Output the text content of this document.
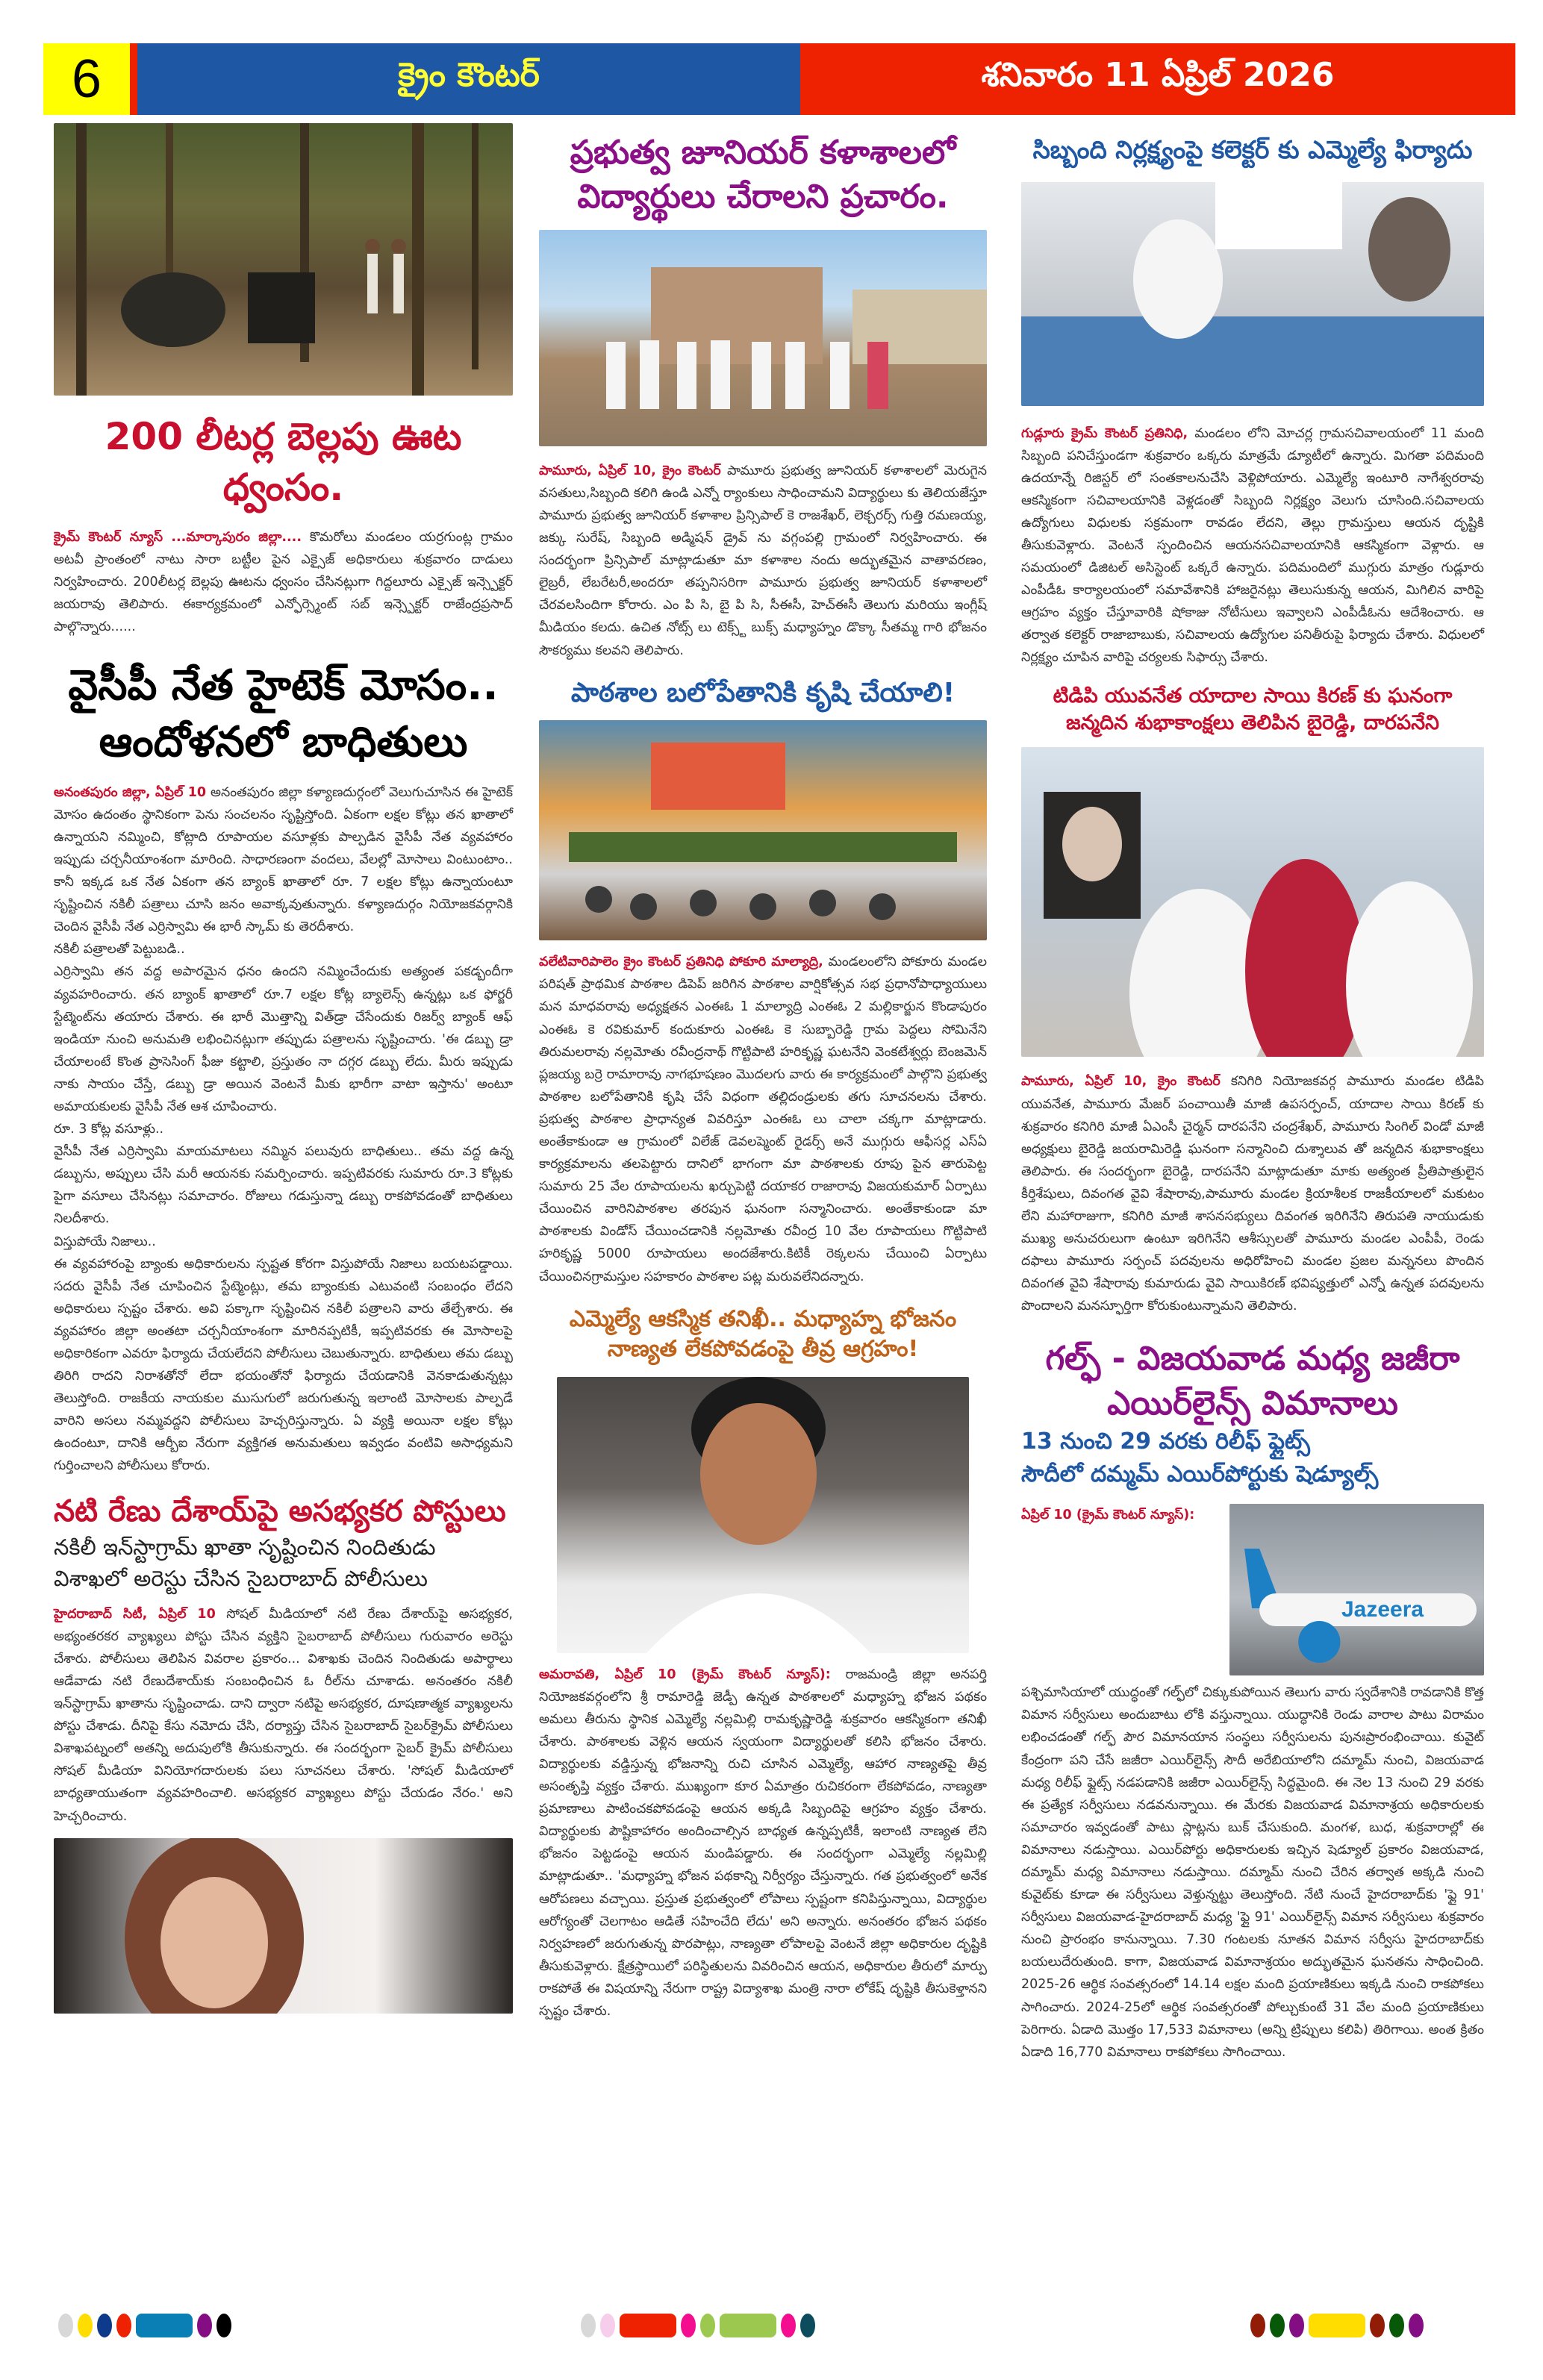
6	క్రైం కౌంటర్	శనివారం 11 ఏప్రిల్ 2026
200 లీటర్ల బెల్లపు ఊట ధ్వంసం.

క్రైమ్ కౌంటర్ న్యూస్ ...మార్కాపురం జిల్లా.... కొమరోలు మండలం యర్రగుంట్ల గ్రామం అటవీ ప్రాంతంలో నాటు సారా బట్టీల పైన ఎక్సైజ్ అధికారులు శుక్రవారం దాడులు నిర్వహించారు. 200లీటర్ల బెల్లపు ఊటను ధ్వంసం చేసినట్లుగా గిద్దలూరు ఎక్సైజ్ ఇన్స్పెక్టర్ జయరావు తెలిపారు. ఈకార్యక్రమంలో ఎన్ఫోర్స్మెంట్ సబ్ ఇన్స్పెక్టర్ రాజేంద్రప్రసాద్ పాల్గొన్నారు......

వైసీపీ నేత హైటెక్ మోసం..
ఆందోళనలో బాధితులు

అనంతపురం జిల్లా, ఏప్రిల్ 10 అనంతపురం జిల్లా కళ్యాణదుర్గంలో వెలుగుచూసిన ఈ హైటెక్ మోసం ఉదంతం స్థానికంగా పెను సంచలనం సృష్టిస్తోంది. ఏకంగా లక్షల కోట్లు తన ఖాతాలో ఉన్నాయని నమ్మించి, కోట్లాది రూపాయల వసూళ్లకు పాల్పడిన వైసీపీ నేత వ్యవహారం ఇప్పుడు చర్చనీయాంశంగా మారింది. సాధారణంగా వందలు, వేలల్లో మోసాలు వింటుంటాం.. కానీ ఇక్కడ ఒక నేత ఏకంగా తన బ్యాంక్ ఖాతాలో రూ. 7 లక్షల కోట్లు ఉన్నాయంటూ సృష్టించిన నకిలీ పత్రాలు చూసి జనం అవాక్కవుతున్నారు. కళ్యాణదుర్గం నియోజకవర్గానికి చెందిన వైసీపీ నేత ఎర్రిస్వామి ఈ భారీ స్కామ్ కు తెరదీశారు.

నకిలీ పత్రాలతో పెట్టుబడి..

ఎర్రిస్వామి తన వద్ద అపారమైన ధనం ఉందని నమ్మించేందుకు అత్యంత పకడ్బందీగా వ్యవహరించారు. తన బ్యాంక్ ఖాతాలో రూ.7 లక్షల కోట్ల బ్యాలెన్స్ ఉన్నట్లు ఒక ఫోర్జరీ స్టేట్మెంట్‌ను తయారు చేశారు. ఈ భారీ మొత్తాన్ని విత్‌డ్రా చేసేందుకు రిజర్వ్ బ్యాంక్ ఆఫ్ ఇండియా నుంచి అనుమతి లభించినట్లుగా తప్పుడు పత్రాలను సృష్టించారు. 'ఈ డబ్బు డ్రా చేయాలంటే కొంత ప్రాసెసింగ్ ఫీజు కట్టాలి, ప్రస్తుతం నా దగ్గర డబ్బు లేదు. మీరు ఇప్పుడు నాకు సాయం చేస్తే, డబ్బు డ్రా అయిన వెంటనే మీకు భారీగా వాటా ఇస్తాను' అంటూ అమాయకులకు వైసీపీ నేత ఆశ చూపించారు.

రూ. 3 కోట్ల వసూళ్లు..

వైసీపీ నేత ఎర్రిస్వామి మాయమాటలు నమ్మిన పలువురు బాధితులు.. తమ వద్ద ఉన్న డబ్బును, అప్పులు చేసి మరీ ఆయనకు సమర్పించారు. ఇప్పటివరకు సుమారు రూ.3 కోట్లకు పైగా వసూలు చేసినట్లు సమాచారం. రోజులు గడుస్తున్నా డబ్బు రాకపోవడంతో బాధితులు నిలదీశారు.

విస్తుపోయే నిజాలు..

ఈ వ్యవహారంపై బ్యాంకు అధికారులను స్పష్టత కోరగా విస్తుపోయే నిజాలు బయటపడ్డాయి. సదరు వైసీపీ నేత చూపించిన స్టేట్మెంట్లు, తమ బ్యాంకుకు ఎటువంటి సంబంధం లేదని అధికారులు స్పష్టం చేశారు. అవి పక్కాగా సృష్టించిన నకిలీ పత్రాలని వారు తేల్చేశారు. ఈ వ్యవహారం జిల్లా అంతటా చర్చనీయాంశంగా మారినప్పటికీ, ఇప్పటివరకు ఈ మోసాలపై అధికారికంగా ఎవరూ ఫిర్యాదు చేయలేదని పోలీసులు చెబుతున్నారు. బాధితులు తమ డబ్బు తిరిగి రాదని నిరాశతోనో లేదా భయంతోనో ఫిర్యాదు చేయడానికి వెనకాడుతున్నట్లు తెలుస్తోంది. రాజకీయ నాయకుల ముసుగులో జరుగుతున్న ఇలాంటి మోసాలకు పాల్పడే వారిని అసలు నమ్మవద్దని పోలీసులు హెచ్చరిస్తున్నారు. ఏ వ్యక్తి అయినా లక్షల కోట్లు ఉందంటూ, దానికి ఆర్బీఐ నేరుగా వ్యక్తిగత అనుమతులు ఇవ్వడం వంటివి అసాధ్యమని గుర్తించాలని పోలీసులు కోరారు.

నటి రేణు దేశాయ్‌పై అసభ్యకర పోస్టులు

నకిలీ ఇన్‌స్టాగ్రామ్ ఖాతా సృష్టించిన నిందితుడు

విశాఖలో అరెస్టు చేసిన సైబరాబాద్ పోలీసులు

హైదరాబాద్ సిటీ, ఏప్రిల్ 10 సోషల్ మీడియాలో నటి రేణు దేశాయ్‌పై అసభ్యకర, అభ్యంతరకర వ్యాఖ్యలు పోస్టు చేసిన వ్యక్తిని సైబరాబాద్ పోలీసులు గురువారం అరెస్టు చేశారు. పోలీసులు తెలిపిన వివరాల ప్రకారం... విశాఖకు చెందిన నిందితుడు అపార్థాలు ఆడేవాడు నటి రేణుదేశాయ్‌కు సంబంధించిన ఓ రీల్‌ను చూశాడు. అనంతరం నకిలీ ఇన్‌స్టాగ్రామ్ ఖాతాను సృష్టించాడు. దాని ద్వారా నటిపై అసభ్యకర, దూషణాత్మక వ్యాఖ్యలను పోస్టు చేశాడు. దీనిపై కేసు నమోదు చేసి, దర్యాప్తు చేసిన సైబరాబాద్ సైబర్‌క్రైమ్ పోలీసులు విశాఖపట్నంలో అతన్ని అదుపులోకి తీసుకున్నారు. ఈ సందర్భంగా సైబర్ క్రైమ్ పోలీసులు సోషల్ మీడియా వినియోగదారులకు పలు సూచనలు చేశారు. 'సోషల్ మీడియాలో బాధ్యతాయుతంగా వ్యవహరించాలి. అసభ్యకర వ్యాఖ్యలు పోస్టు చేయడం నేరం.' అని హెచ్చరించారు.

ప్రభుత్వ జూనియర్ కళాశాలలో
విద్యార్థులు చేరాలని ప్రచారం.

పామూరు, ఏప్రిల్ 10, క్రైం కౌంటర్ పామూరు ప్రభుత్వ జూనియర్ కళాశాలలో మెరుగైన వసతులు,సిబ్బంది కలిగి ఉండి ఎన్నో ర్యాంకులు సాధించామని విద్యార్థులు కు తెలియజేస్తూ పామూరు ప్రభుత్వ జూనియర్ కళాశాల ప్రిన్సిపాల్ కె రాజశేఖర్, లెక్చరర్స్ గుత్తి రమణయ్య, జక్కు సురేష్, సిబ్బంది అడ్మిషన్ డ్రైవ్ ను వగ్గంపల్లి గ్రామంలో నిర్వహించారు. ఈ సందర్భంగా ప్రిన్సిపాల్ మాట్లాడుతూ మా కళాశాల నందు అద్భుతమైన వాతావరణం, లైబ్రరీ, లేబరేటరీ,అందరూ తప్పనిసరిగా పామూరు ప్రభుత్వ జూనియర్ కళాశాలలో చేరవలసిందిగా కోరారు. ఎం పి సి, బై పి సి, సీఈసీ, హెచ్ఈసీ తెలుగు మరియు ఇంగ్లీష్ మీడియం కలదు. ఉచిత నోట్స్ లు టెక్స్ట్ బుక్స్ మధ్యాహ్నం డొక్కా సీతమ్మ గారి భోజనం సౌకర్యము కలవని తెలిపారు.

పాఠశాల బలోపేతానికి కృషి చేయాలి!

వలేటివారిపాలెం క్రైం కౌంటర్ ప్రతినిధి పోకూరి మాల్యాద్రి, మండలంలోని పోకూరు మండల పరిషత్ ప్రాథమిక పాఠశాల డిపెప్ జరిగిన పాఠశాల వార్షికోత్సవ సభ ప్రధానోపాధ్యాయులు మన మాధవరావు అధ్యక్షతన ఎంఈఓ 1 మాల్యాద్రి ఎంఈఓ 2 మల్లికార్జున కొండాపురం ఎంఈఓ కె రవికుమార్ కందుకూరు ఎంఈఓ కె సుబ్బారెడ్డి గ్రామ పెద్దలు సోమినేని తిరుమలరావు నల్లమోతు రవీంద్రనాథ్ గొట్టిపాటి హరికృష్ణ ఘటనేని వెంకటేశ్వర్లు బెంజమెన్ ప్లజయ్య బర్రె రామారావు నాగభూషణం మొదలగు వారు ఈ కార్యక్రమంలో పాల్గొని ప్రభుత్వ పాఠశాల బలోపేతానికి కృషి చేసే విధంగా తల్లిదండ్రులకు తగు సూచనలను చేశారు. ప్రభుత్వ పాఠశాల ప్రాధాన్యత వివరిస్తూ ఎంఈఓ లు చాలా చక్కగా మాట్లాడారు. అంతేకాకుండా ఆ గ్రామంలో విలేజ్ డెవలప్మెంట్ రైడర్స్ అనే ముగ్గురు ఆఫీసర్ల ఎస్ఏ కార్యక్రమాలను తలపెట్టారు దానిలో భాగంగా మా పాఠశాలకు రూపు పైన తారుపెట్ట సుమారు 25 వేల రూపాయలను ఖర్చుపెట్టి దయాకర రాజారావు విజయకుమార్ ఏర్పాటు చేయించిన వారినిపాఠశాల తరపున ఘనంగా సన్మానించారు. అంతేకాకుండా మా పాఠశాలకు విండోస్ చేయించడానికి నల్లమోతు రవీంద్ర 10 వేల రూపాయలు గొట్టిపాటి హరికృష్ణ 5000 రూపాయలు అందజేశారు.కిటికీ రెక్కలను చేయించి ఏర్పాటు చేయించినగ్రామస్తుల సహకారం పాఠశాల పట్ల మరువలేనిదన్నారు.

ఎమ్మెల్యే ఆకస్మిక తనిఖీ.. మధ్యాహ్న భోజనం
నాణ్యత లేకపోవడంపై తీవ్ర ఆగ్రహం!

అమరావతి, ఏప్రిల్ 10 (క్రైమ్ కౌంటర్ న్యూస్): రాజమండ్రి జిల్లా అనపర్తి నియోజకవర్గంలోని శ్రీ రామారెడ్డి జెడ్పీ ఉన్నత పాఠశాలలో మధ్యాహ్న భోజన పథకం అమలు తీరును స్థానిక ఎమ్మెల్యే నల్లమిల్లి రామకృష్ణారెడ్డి శుక్రవారం ఆకస్మికంగా తనిఖీ చేశారు. పాఠశాలకు వెళ్లిన ఆయన స్వయంగా విద్యార్థులతో కలిసి భోజనం చేశారు. విద్యార్థులకు వడ్డిస్తున్న భోజనాన్ని రుచి చూసిన ఎమ్మెల్యే, ఆహార నాణ్యతపై తీవ్ర అసంతృప్తి వ్యక్తం చేశారు. ముఖ్యంగా కూర ఏమాత్రం రుచికరంగా లేకపోవడం, నాణ్యతా ప్రమాణాలు పాటించకపోవడంపై ఆయన అక్కడి సిబ్బందిపై ఆగ్రహం వ్యక్తం చేశారు. విద్యార్థులకు పౌష్టికాహారం అందించాల్సిన బాధ్యత ఉన్నప్పటికీ, ఇలాంటి నాణ్యత లేని భోజనం పెట్టడంపై ఆయన మండిపడ్డారు. ఈ సందర్భంగా ఎమ్మెల్యే నల్లమిల్లి మాట్లాడుతూ.. 'మధ్యాహ్న భోజన పథకాన్ని నిర్వీర్యం చేస్తున్నారు. గత ప్రభుత్వంలో అనేక ఆరోపణలు వచ్చాయి. ప్రస్తుత ప్రభుత్వంలో లోపాలు స్పష్టంగా కనిపిస్తున్నాయి, విద్యార్థుల ఆరోగ్యంతో చెలగాటం ఆడితే సహించేది లేదు' అని అన్నారు. అనంతరం భోజన పథకం నిర్వహణలో జరుగుతున్న పొరపాట్లు, నాణ్యతా లోపాలపై వెంటనే జిల్లా అధికారుల దృష్టికి తీసుకువెళ్లారు. క్షేత్రస్థాయిలో పరిస్థితులను వివరించిన ఆయన, అధికారుల తీరులో మార్పు రాకపోతే ఈ విషయాన్ని నేరుగా రాష్ట్ర విద్యాశాఖ మంత్రి నారా లోకేష్ దృష్టికి తీసుకెళ్తానని స్పష్టం చేశారు.

సిబ్బంది నిర్లక్ష్యంపై కలెక్టర్ కు ఎమ్మెల్యే ఫిర్యాదు

గుడ్లూరు క్రైమ్ కౌంటర్ ప్రతినిధి, మండలం లోని మోచర్ల గ్రామసచివాలయంలో 11 మంది సిబ్బంది పనిచేస్తుండగా శుక్రవారం ఒక్కరు మాత్రమే డ్యూటీలో ఉన్నారు. మిగతా పదిమంది ఉదయాన్నే రిజిస్టర్ లో సంతకాలనుచేసి వెళ్లిపోయారు. ఎమ్మెల్యే ఇంటూరి నాగేశ్వరరావు ఆకస్మికంగా సచివాలయానికి వెళ్లడంతో సిబ్బంది నిర్లక్ష్యం వెలుగు చూసింది.సచివాలయ ఉద్యోగులు విధులకు సక్రమంగా రావడం లేదని, తెల్లు గ్రామస్తులు ఆయన దృష్టికి తీసుకువెళ్లారు. వెంటనే స్పందించిన ఆయనసచివాలయానికి ఆకస్మికంగా వెళ్లారు. ఆ సమయంలో డిజిటల్ అసిస్టెంట్ ఒక్కరే ఉన్నారు. పదిమందిలో ముగ్గురు మాత్రం గుడ్లూరు ఎంపీడీఓ కార్యాలయంలో సమావేశానికి హాజరైనట్లు తెలుసుకున్న ఆయన, మిగిలిన వారిపై ఆగ్రహం వ్యక్తం చేస్తూవారికి షోకాజు నోటీసులు ఇవ్వాలని ఎంపీడీఓను ఆదేశించారు. ఆ తర్వాత కలెక్టర్ రాజాబాబుకు, సచివాలయ ఉద్యోగుల పనితీరుపై ఫిర్యాదు చేశారు. విధులలో నిర్లక్ష్యం చూపిన వారిపై చర్యలకు సిఫార్సు చేశారు.

టిడిపి యువనేత యాదాల సాయి కిరణ్ కు ఘనంగా
జన్మదిన శుభాకాంక్షలు తెలిపిన బైరెడ్డి, దారపనేని

పామూరు, ఏప్రిల్ 10, క్రైం కౌంటర్ కనిగిరి నియోజకవర్గ పామూరు మండల టిడిపి యువనేత, పామూరు మేజర్ పంచాయితీ మాజీ ఉపసర్పంచ్, యాదాల సాయి కిరణ్ కు శుక్రవారం కనిగిరి మాజీ ఏఎంసీ చైర్మన్ దారపనేని చంద్రశేఖర్, పామూరు సింగిల్ విండో మాజీ అధ్యక్షులు బైరెడ్డి జయరామిరెడ్డి ఘనంగా సన్మానించి దుశ్శాలువ తో జన్మదిన శుభాకాంక్షలు తెలిపారు. ఈ సందర్భంగా బైరెడ్డి, దారపనేని మాట్లాడుతూ మాకు అత్యంత ప్రీతిపాత్రులైన కీర్తిశేషులు, దివంగత వైవి శేషారావు,పామూరు మండల క్రియాశీలక రాజకీయాలలో మకుటం లేని మహారాజుగా, కనిగిరి మాజీ శాసనసభ్యులు దివంగత ఇరిగినేని తిరుపతి నాయుడుకు ముఖ్య అనుచరులుగా ఉంటూ ఇరిగినేని ఆశీస్సులతో పామూరు మండల ఎంపీపీ, రెండు దఫాలు పామూరు సర్పంచ్ పదవులను అధిరోహించి మండల ప్రజల మన్ననలు పొందిన దివంగత వైవి శేషారావు కుమారుడు వైవి సాయికిరణ్ భవిష్యత్తులో ఎన్నో ఉన్నత పదవులను పొందాలని మనస్ఫూర్తిగా కోరుకుంటున్నామని తెలిపారు.

గల్ఫ్ - విజయవాడ మధ్య జజీరా
ఎయిర్‌లైన్స్ విమానాలు

13 నుంచి 29 వరకు రిలీఫ్ ఫ్లైట్స్

సౌదీలో దమ్మమ్ ఎయిర్‌పోర్టుకు షెడ్యూల్స్

ఏప్రిల్ 10 (క్రైమ్ కౌంటర్ న్యూస్):

Jazeera

పశ్చిమాసియాలో యుద్ధంతో గల్ఫ్‌లో చిక్కుకుపోయిన తెలుగు వారు స్వదేశానికి రావడానికి కొత్త విమాన సర్వీసులు అందుబాటు లోకి వస్తున్నాయి. యుద్ధానికి రెండు వారాల పాటు విరామం లభించడంతో గల్ఫ్ పౌర విమానయాన సంస్థలు సర్వీసులను పునఃప్రారంభించాయి. కువైట్ కేంద్రంగా పని చేసే జజీరా ఎయిర్‌లైన్స్ సౌదీ అరేబియాలోని దమ్మామ్ నుంచి, విజయవాడ మధ్య రిలీఫ్ ఫ్లైట్స్ నడపడానికి జజీరా ఎయిర్‌లైన్స్ సిద్ధమైంది. ఈ నెల 13 నుంచి 29 వరకు ఈ ప్రత్యేక సర్వీసులు నడవనున్నాయి. ఈ మేరకు విజయవాడ విమానాశ్రయ అధికారులకు సమాచారం ఇవ్వడంతో పాటు స్లాట్లను బుక్ చేసుకుంది. మంగళ, బుధ, శుక్రవారాల్లో ఈ విమానాలు నడుస్తాయి. ఎయిర్‌పోర్టు అధికారులకు ఇచ్చిన షెడ్యూల్ ప్రకారం విజయవాడ, దమ్మామ్ మధ్య విమానాలు నడుస్తాయి. దమ్మామ్ నుంచి చేరిన తర్వాత అక్కడి నుంచి కువైట్‌కు కూడా ఈ సర్వీసులు వెళ్తున్నట్టు తెలుస్తోంది. నేటి నుంచే హైదరాబాద్‌కు 'ఫ్లై 91' సర్వీసులు విజయవాడ-హైదరాబాద్ మధ్య 'ఫ్లై 91' ఎయిర్‌లైన్స్ విమాన సర్వీసులు శుక్రవారం నుంచి ప్రారంభం కానున్నాయి. 7.30 గంటలకు నూతన విమాన సర్వీసు హైదరాబాద్‌కు బయలుదేరుతుంది. కాగా, విజయవాడ విమానాశ్రయం అద్భుతమైన ఘనతను సాధించింది. 2025-26 ఆర్థిక సంవత్సరంలో 14.14 లక్షల మంది ప్రయాణికులు ఇక్కడి నుంచి రాకపోకలు సాగించారు. 2024-25లో ఆర్థిక సంవత్సరంతో పోల్చుకుంటే 31 వేల మంది ప్రయాణికులు పెరిగారు. ఏడాది మొత్తం 17,533 విమానాలు (అన్ని ట్రిప్పులు కలిపి) తిరిగాయి. అంత క్రితం ఏడాది 16,770 విమానాలు రాకపోకలు సాగించాయి.
